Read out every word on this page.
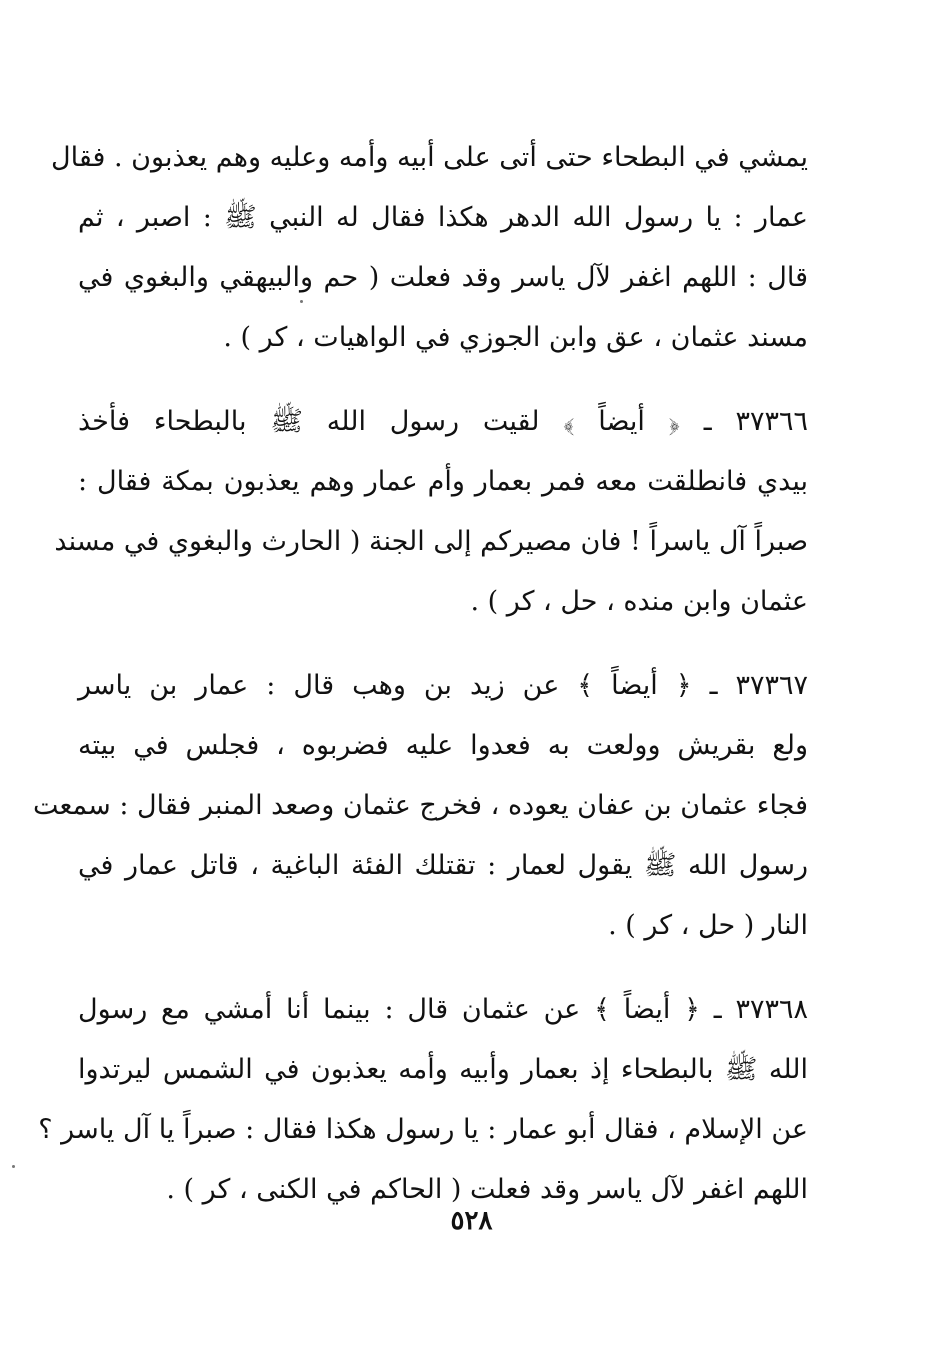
يمشي في البطحاء حتى أتى على أبيه وأمه وعليه وهم يعذبون . فقال
عمار : يا رسول الله الدهر هكذا فقال له النبي ﷺ : اصبر ، ثم
قال : اللهم اغفر لآل ياسر وقد فعلت ( حم والبيهقي والبغوي في
مسند عثمان ، عق وابن الجوزي في الواهيات ، كر ) .
٣٧٣٦٦ ـ ﴿ أيضاً ﴾ لقيت رسول الله ﷺ بالبطحاء فأخذ
بيدي فانطلقت معه فمر بعمار وأم عمار وهم يعذبون بمكة فقال :
صبراً آل ياسراً ! فان مصيركم إلى الجنة ( الحارث والبغوي في مسند
عثمان وابن منده ، حل ، كر ) .
٣٧٣٦٧ ـ ﴿ أيضاً ﴾ عن زيد بن وهب قال : عمار بن ياسر
ولع بقريش وولعت به فعدوا عليه فضربوه ، فجلس في بيته
فجاء عثمان بن عفان يعوده ، فخرج عثمان وصعد المنبر فقال : سمعت
رسول الله ﷺ يقول لعمار : تقتلك الفئة الباغية ، قاتل عمار في
النار ( حل ، كر ) .
٣٧٣٦٨ ـ ﴿ أيضاً ﴾ عن عثمان قال : بينما أنا أمشي مع رسول
الله ﷺ بالبطحاء إذ بعمار وأبيه وأمه يعذبون في الشمس ليرتدوا
عن الإسلام ، فقال أبو عمار : يا رسول هكذا فقال : صبراً يا آل ياسر ؟
اللهم اغفر لآل ياسر وقد فعلت ( الحاكم في الكنى ، كر ) .
٥٢٨
